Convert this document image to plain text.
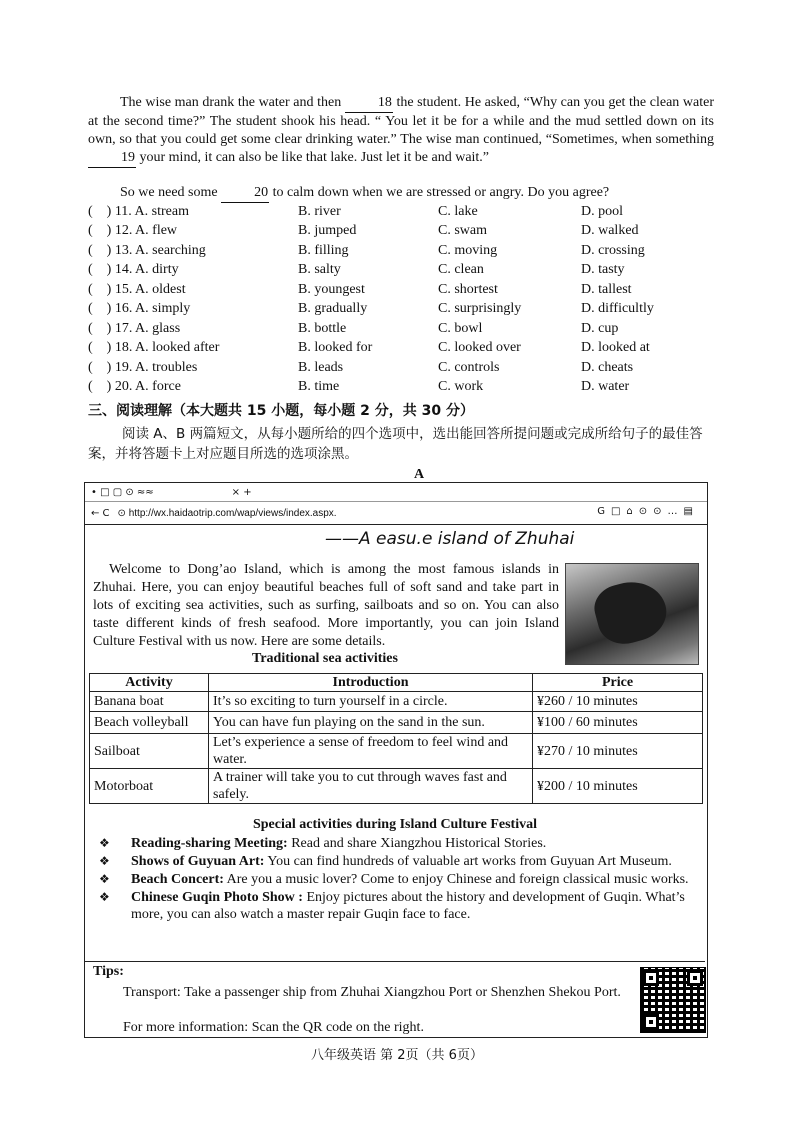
The wise man drank the water and then 18 the student. He asked, “Why can you get the clean water at the second time?” The student shook his head. “ You let it be for a while and the mud settled down on its own, so that you could get some clear drinking water.” The wise man continued, “Sometimes, when something 19 your mind, it can also be like that lake. Just let it be and wait.”
So we need some 20 to calm down when we are stressed or angry. Do you agree?
(    ) 11. A. stream	B. river	C. lake	D. pool
(    ) 12. A. flew	B. jumped	C. swam	D. walked
(    ) 13. A. searching	B. filling	C. moving	D. crossing
(    ) 14. A. dirty	B. salty	C. clean	D. tasty
(    ) 15. A. oldest	B. youngest	C. shortest	D. tallest
(    ) 16. A. simply	B. gradually	C. surprisingly	D. difficultly
(    ) 17. A. glass	B. bottle	C. bowl	D. cup
(    ) 18. A. looked after	B. looked for	C. looked over	D. looked at
(    ) 19. A. troubles	B. leads	C. controls	D. cheats
(    ) 20. A. force	B. time	C. work	D. water
三、阅读理解（本大题共 15 小题，每小题 2 分，共 30 分）
阅读 A、B 两篇短文，从每小题所给的四个选项中，选出能回答所提问题或完成所给句子的最佳答案，并将答题卡上对应题目所选的选项涂黑。
A
• □ ▢ ⊙ ≈≈	× +
← C ⊙ http://wx.haidaotrip.com/wap/views/index.aspx.	G□⌂⊙⊙…▤
——A easu.e island of Zhuhai
Welcome to Dong’ao Island, which is among the most famous islands in Zhuhai. Here, you can enjoy beautiful beaches full of soft sand and take part in lots of exciting sea activities, such as surfing, sailboats and so on. You can also taste different kinds of fresh seafood. More importantly, you can join Island Culture Festival with us now. Here are some details.
Traditional sea activities
Activity	Introduction	Price
Banana boat	It’s so exciting to turn yourself in a circle.	¥260 / 10 minutes
Beach volleyball	You can have fun playing on the sand in the sun.	¥100 / 60 minutes
Sailboat	Let’s experience a sense of freedom to feel wind and water.	¥270 / 10 minutes
Motorboat	A trainer will take you to cut through waves fast and safely.	¥200 / 10 minutes
Special activities during Island Culture Festival
❖	Reading-sharing Meeting: Read and share Xiangzhou Historical Stories.
❖	Shows of Guyuan Art: You can find hundreds of valuable art works from Guyuan Art Museum.
❖	Beach Concert: Are you a music lover? Come to enjoy Chinese and foreign classical music works.
❖	Chinese Guqin Photo Show : Enjoy pictures about the history and development of Guqin. What’s more, you can also watch a master repair Guqin face to face.
Tips:
Transport: Take a passenger ship from Zhuhai Xiangzhou Port or Shenzhen Shekou Port.
For more information: Scan the QR code on the right.
八年级英语 第 2页（共 6页）
